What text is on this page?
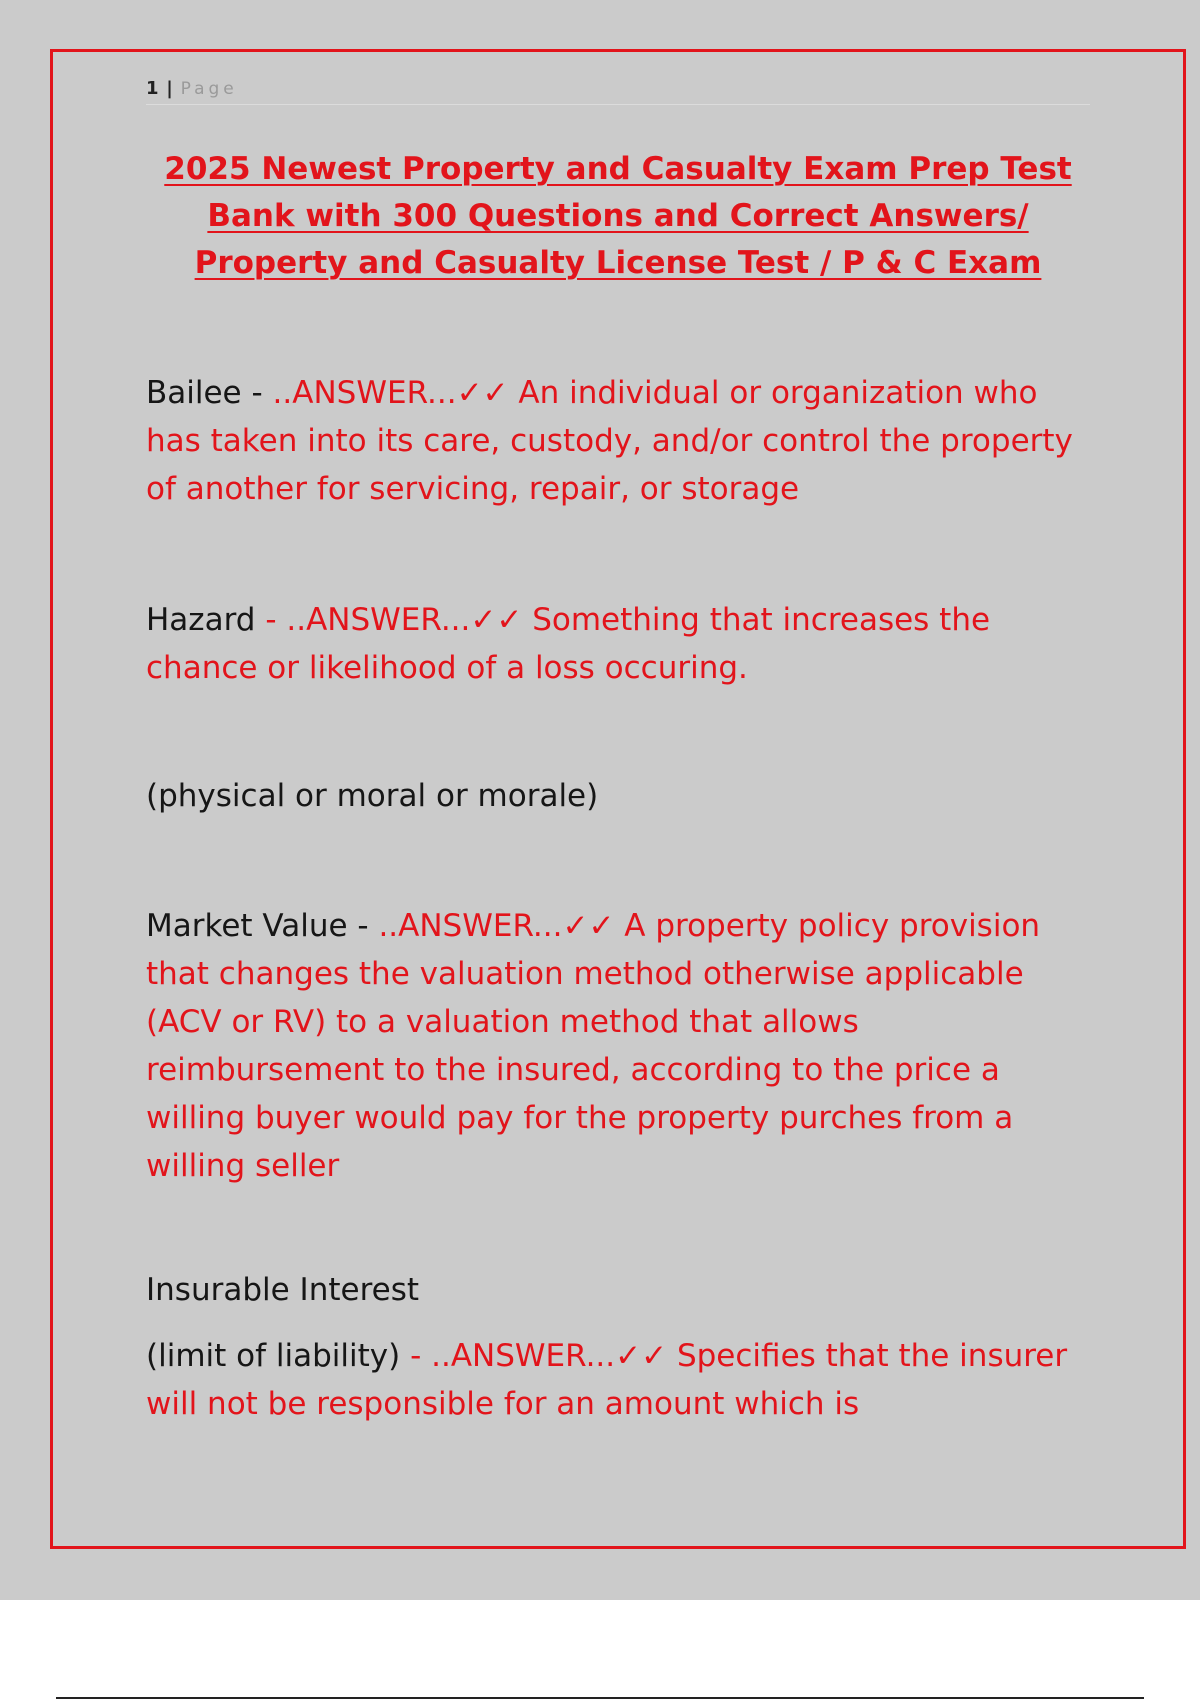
1 | Page
2025 Newest Property and Casualty Exam Prep Test Bank with 300 Questions and Correct Answers/ Property and Casualty License Test / P & C Exam

Bailee - ..ANSWER...✓✓ An individual or organization who has taken into its care, custody, and/or control the property of another for servicing, repair, or storage

Hazard - ..ANSWER...✓✓ Something that increases the chance or likelihood of a loss occuring.

(physical or moral or morale)

Market Value - ..ANSWER...✓✓ A property policy provision that changes the valuation method otherwise applicable (ACV or RV) to a valuation method that allows reimbursement to the insured, according to the price a willing buyer would pay for the property purches from a willing seller

Insurable Interest

(limit of liability) - ..ANSWER...✓✓ Specifies that the insurer will not be responsible for an amount which is
